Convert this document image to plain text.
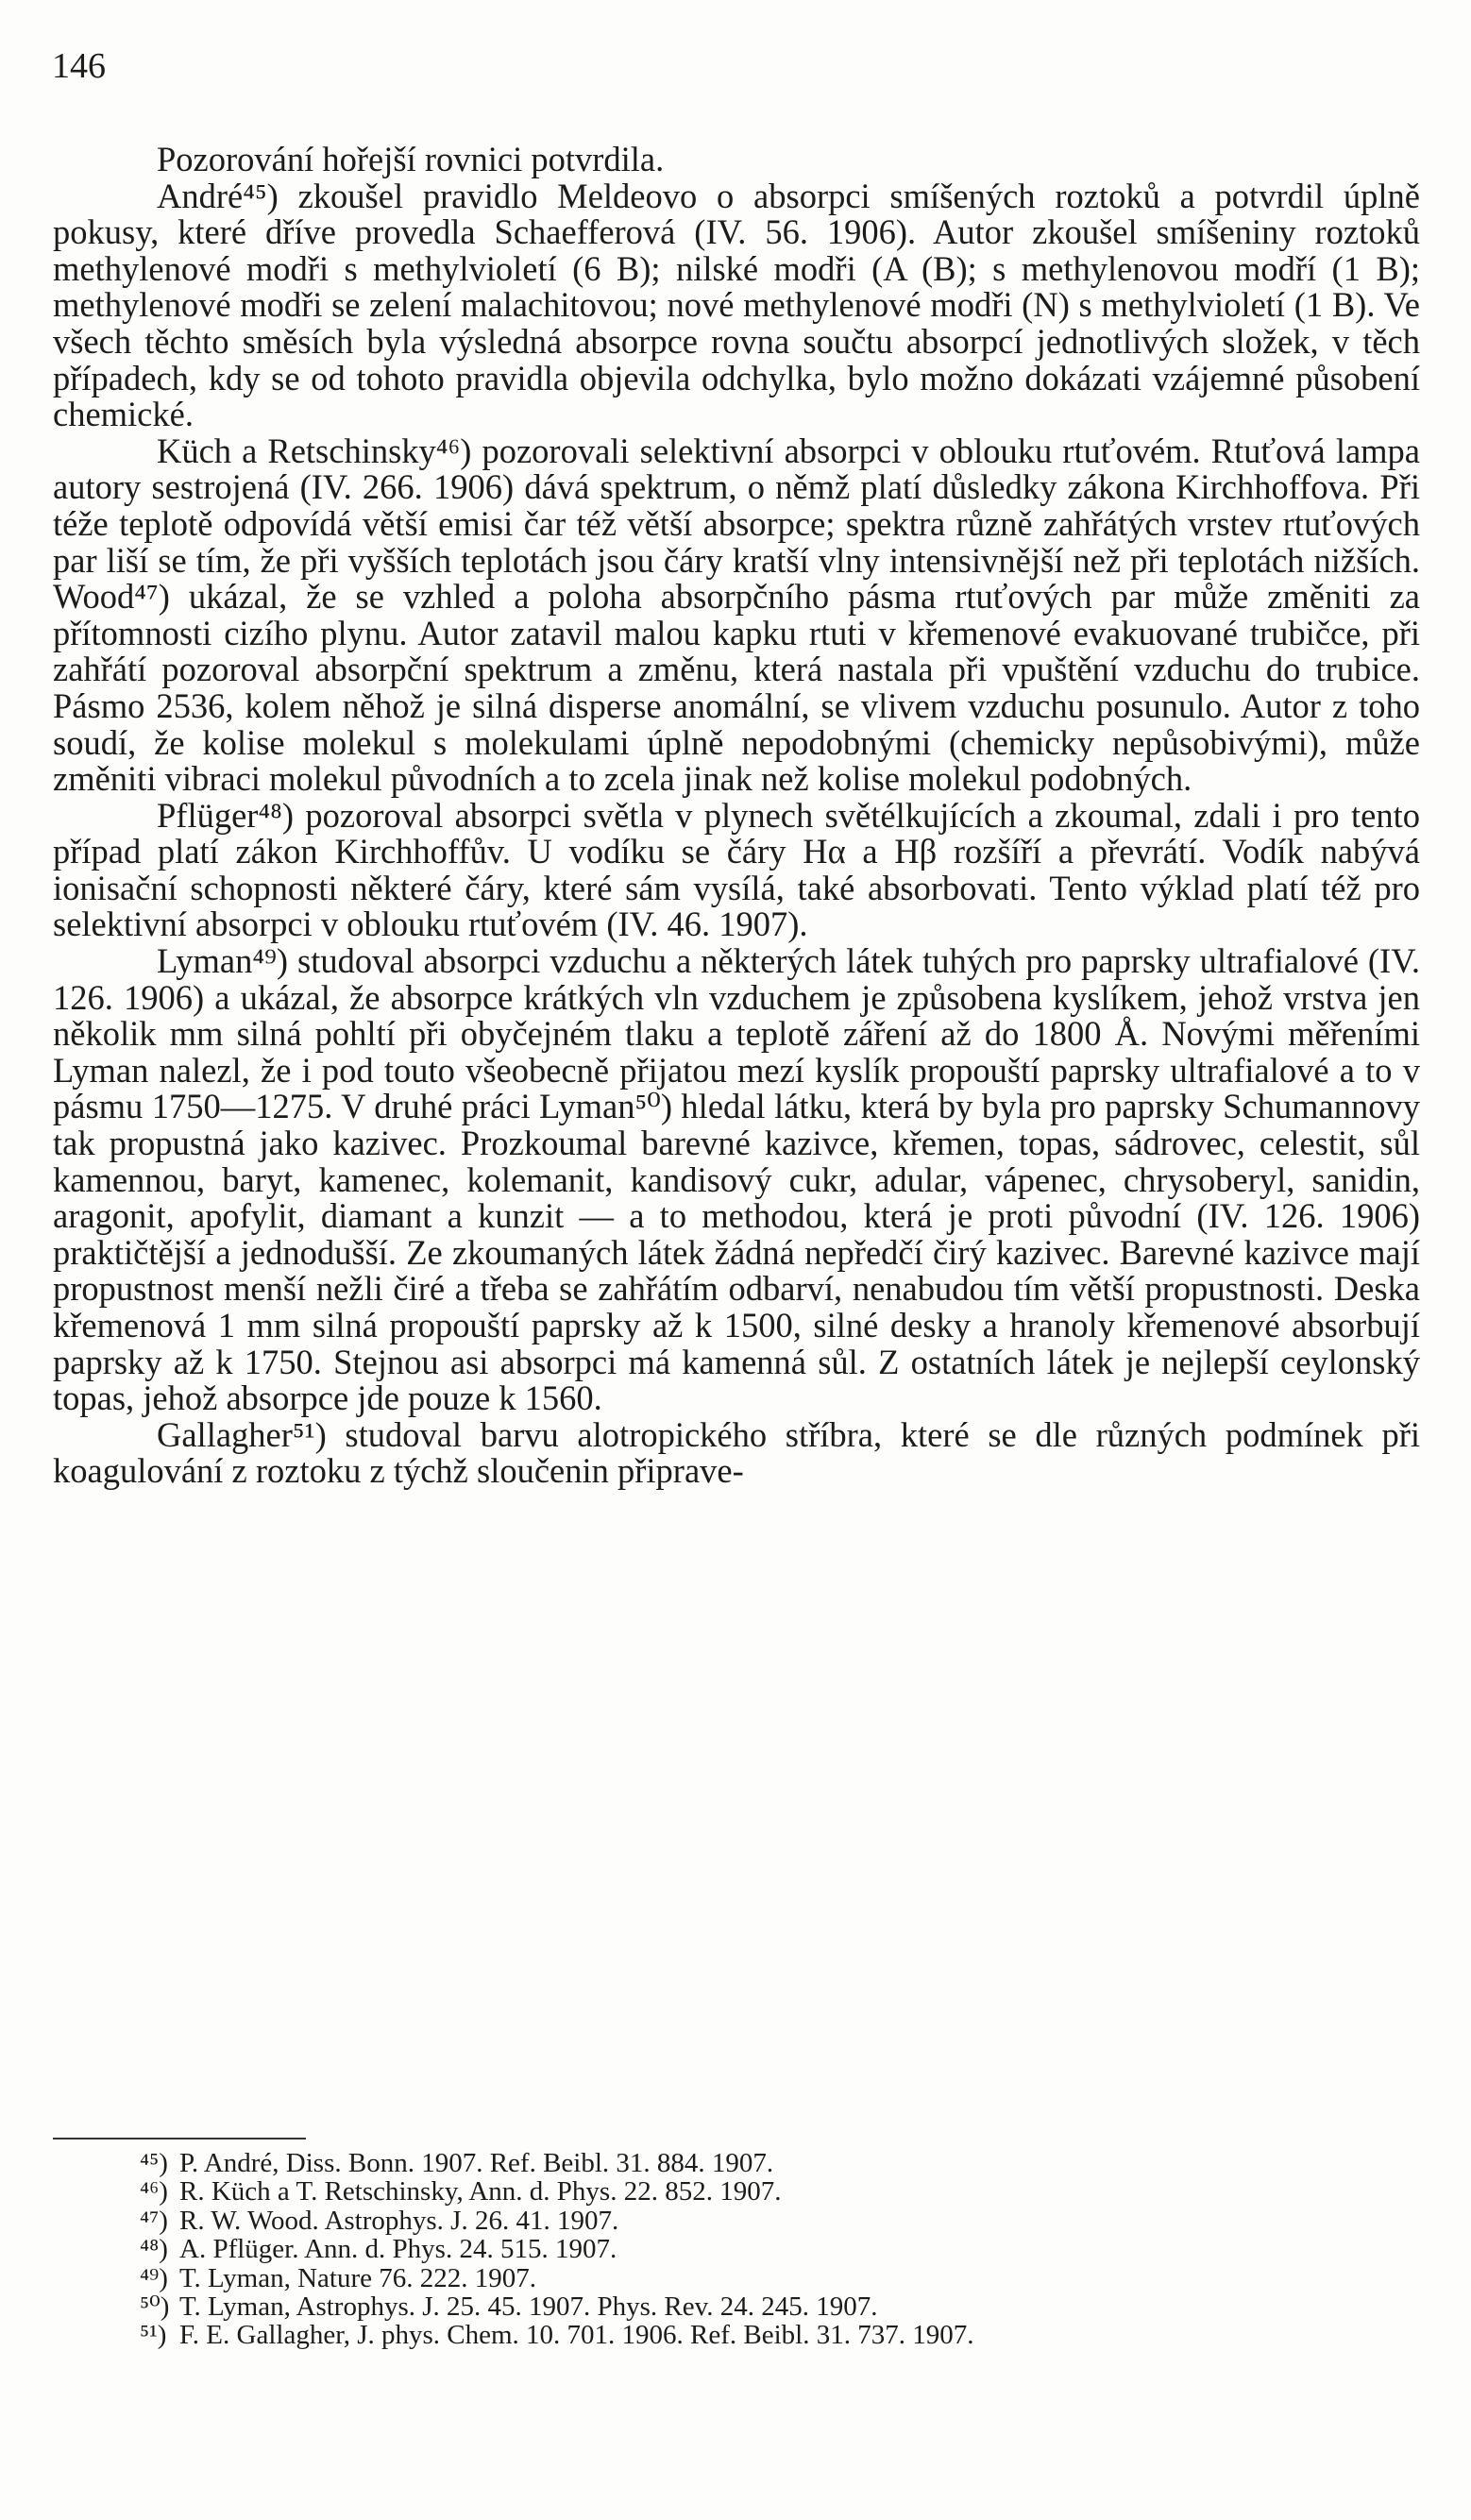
146

Pozorování hořejší rovnici potvrdila.

André⁴⁵) zkoušel pravidlo Meldeovo o absorpci smíšených roztoků a potvrdil úplně pokusy, které dříve provedla Schaefferová (IV. 56. 1906). Autor zkoušel smíšeniny roztoků methylenové modři s methylvioletí (6 B); nilské modři (A (B); s methylenovou modří (1 B); methylenové modři se zelení malachitovou; nové methylenové modři (N) s methylvioletí (1 B). Ve všech těchto směsích byla výsledná absorpce rovna součtu absorpcí jednotlivých složek, v těch případech, kdy se od tohoto pravidla objevila odchylka, bylo možno dokázati vzájemné působení chemické.

Küch a Retschinsky⁴⁶) pozorovali selektivní absorpci v oblouku rtuťovém. Rtuťová lampa autory sestrojená (IV. 266. 1906) dává spektrum, o němž platí důsledky zákona Kirchhoffova. Při téže teplotě odpovídá větší emisi čar též větší absorpce; spektra různě zahřátých vrstev rtuťových par liší se tím, že při vyšších teplotách jsou čáry kratší vlny intensivnější než při teplotách nižších. Wood⁴⁷) ukázal, že se vzhled a poloha absorpčního pásma rtuťových par může změniti za přítomnosti cizího plynu. Autor zatavil malou kapku rtuti v křemenové evakuované trubičce, při zahřátí pozoroval absorpční spektrum a změnu, která nastala při vpuštění vzduchu do trubice. Pásmo 2536, kolem něhož je silná disperse anomální, se vlivem vzduchu posunulo. Autor z toho soudí, že kolise molekul s molekulami úplně nepodobnými (chemicky nepůsobivými), může změniti vibraci molekul původních a to zcela jinak než kolise molekul podobných.

Pflüger⁴⁸) pozoroval absorpci světla v plynech světélkujících a zkoumal, zdali i pro tento případ platí zákon Kirchhoffův. U vodíku se čáry Hα a Hβ rozšíří a převrátí. Vodík nabývá ionisační schopnosti některé čáry, které sám vysílá, také absorbovati. Tento výklad platí též pro selektivní absorpci v oblouku rtuťovém (IV. 46. 1907).

Lyman⁴⁹) studoval absorpci vzduchu a některých látek tuhých pro paprsky ultrafialové (IV. 126. 1906) a ukázal, že absorpce krátkých vln vzduchem je způsobena kyslíkem, jehož vrstva jen několik mm silná pohltí při obyčejném tlaku a teplotě záření až do 1800 Å. Novými měřeními Lyman nalezl, že i pod touto všeobecně přijatou mezí kyslík propouští paprsky ultrafialové a to v pásmu 1750—1275. V druhé práci Lyman⁵⁰) hledal látku, která by byla pro paprsky Schumannovy tak propustná jako kazivec. Prozkoumal barevné kazivce, křemen, topas, sádrovec, celestit, sůl kamennou, baryt, kamenec, kolemanit, kandisový cukr, adular, vápenec, chrysoberyl, sanidin, aragonit, apofylit, diamant a kunzit — a to methodou, která je proti původní (IV. 126. 1906) praktičtější a jednodušší. Ze zkoumaných látek žádná nepředčí čirý kazivec. Barevné kazivce mají propustnost menší nežli čiré a třeba se zahřátím odbarví, nenabudou tím větší propustnosti. Deska křemenová 1 mm silná propouští paprsky až k 1500, silné desky a hranoly křemenové absorbují paprsky až k 1750. Stejnou asi absorpci má kamenná sůl. Z ostatních látek je nejlepší ceylonský topas, jehož absorpce jde pouze k 1560.

Gallagher⁵¹) studoval barvu alotropického stříbra, které se dle různých podmínek při koagulování z roztoku z týchž sloučenin připrave-

⁴⁵) P. André, Diss. Bonn. 1907. Ref. Beibl. 31. 884. 1907.
⁴⁶) R. Küch a T. Retschinsky, Ann. d. Phys. 22. 852. 1907.
⁴⁷) R. W. Wood. Astrophys. J. 26. 41. 1907.
⁴⁸) A. Pflüger. Ann. d. Phys. 24. 515. 1907.
⁴⁹) T. Lyman, Nature 76. 222. 1907.
⁵⁰) T. Lyman, Astrophys. J. 25. 45. 1907. Phys. Rev. 24. 245. 1907.
⁵¹) F. E. Gallagher, J. phys. Chem. 10. 701. 1906. Ref. Beibl. 31. 737. 1907.
